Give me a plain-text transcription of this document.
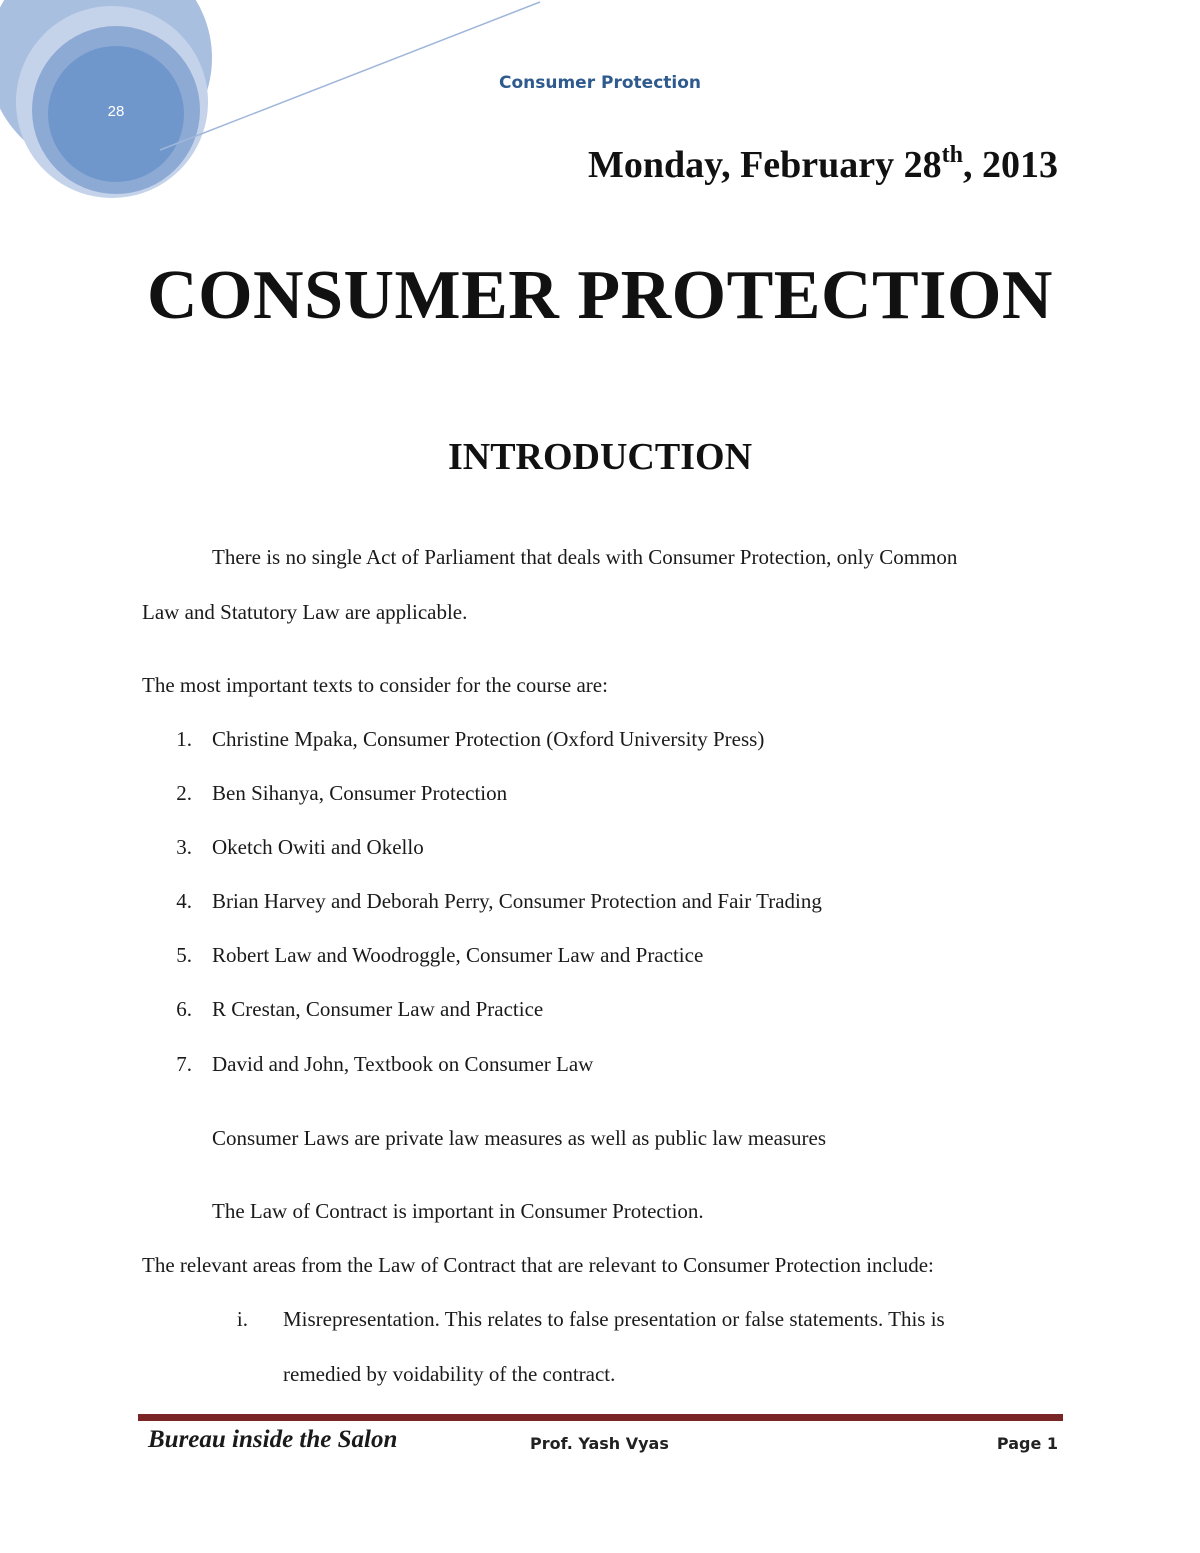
28
Consumer Protection
Monday, February 28th, 2013
CONSUMER PROTECTION
INTRODUCTION
There is no single Act of Parliament that deals with Consumer Protection, only Common
Law and Statutory Law are applicable.
The most important texts to consider for the course are:
1. Christine Mpaka, Consumer Protection (Oxford University Press)
2. Ben Sihanya, Consumer Protection
3. Oketch Owiti and Okello
4. Brian Harvey and Deborah Perry, Consumer Protection and Fair Trading
5. Robert Law and Woodroggle, Consumer Law and Practice
6. R Crestan, Consumer Law and Practice
7. David and John, Textbook on Consumer Law
Consumer Laws are private law measures as well as public law measures
The Law of Contract is important in Consumer Protection.
The relevant areas from the Law of Contract that are relevant to Consumer Protection include:
i. Misrepresentation. This relates to false presentation or false statements. This is
remedied by voidability of the contract.
Bureau inside the Salon	Prof. Yash Vyas	Page 1
